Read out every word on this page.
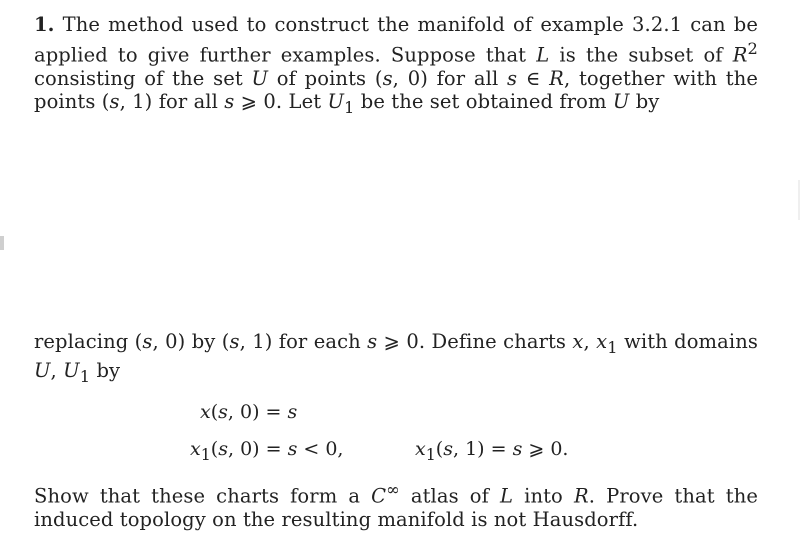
1. The method used to construct the manifold of example 3.2.1 can be applied to give further examples. Suppose that L is the subset of $R^2$ consisting of the set U of points (s, 0) for all s ∈ R, together with the points (s, 1) for all s ⩾ 0. Let $U_1$ be the set obtained from U by

replacing (s, 0) by (s, 1) for each s ⩾ 0. Define charts x, $x_1$ with domains U, $U_1$ by

x(s, 0) = s
$x_1(s$, 0) = s < 0,	$x_1(s$, 1) = s ⩾ 0.

Show that these charts form a C∞ atlas of L into R. Prove that the induced topology on the resulting manifold is not Hausdorff.
